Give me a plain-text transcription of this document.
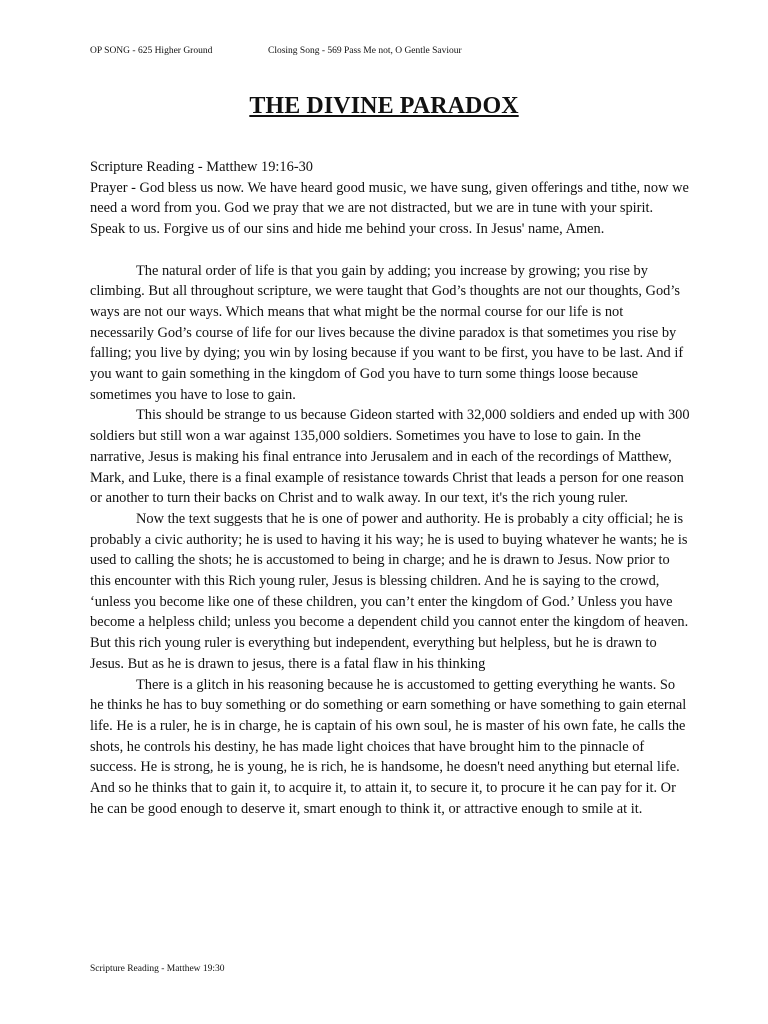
OP SONG - 625 Higher Ground	Closing Song - 569 Pass Me not, O Gentle Saviour
THE DIVINE PARADOX

Scripture Reading - Matthew 19:16-30

Prayer - God bless us now. We have heard good music, we have sung, given offerings and tithe, now we need a word from you. God we pray that we are not distracted, but we are in tune with your spirit. Speak to us. Forgive us of our sins and hide me behind your cross. In Jesus' name, Amen.

The natural order of life is that you gain by adding; you increase by growing; you rise by climbing. But all throughout scripture, we were taught that God’s thoughts are not our thoughts, God’s ways are not our ways. Which means that what might be the normal course for our life is not necessarily God’s course of life for our lives because the divine paradox is that sometimes you rise by falling; you live by dying; you win by losing because if you want to be first, you have to be last. And if you want to gain something in the kingdom of God you have to turn some things loose because sometimes you have to lose to gain.

This should be strange to us because Gideon started with 32,000 soldiers and ended up with 300 soldiers but still won a war against 135,000 soldiers. Sometimes you have to lose to gain. In the narrative, Jesus is making his final entrance into Jerusalem and in each of the recordings of Matthew, Mark, and Luke, there is a final example of resistance towards Christ that leads a person for one reason or another to turn their backs on Christ and to walk away. In our text, it's the rich young ruler.

Now the text suggests that he is one of power and authority. He is probably a city official; he is probably a civic authority; he is used to having it his way; he is used to buying whatever he wants; he is used to calling the shots; he is accustomed to being in charge; and he is drawn to Jesus. Now prior to this encounter with this Rich young ruler, Jesus is blessing children. And he is saying to the crowd, ‘unless you become like one of these children, you can’t enter the kingdom of God.’ Unless you have become a helpless child; unless you become a dependent child you cannot enter the kingdom of heaven. But this rich young ruler is everything but independent, everything but helpless, but he is drawn to Jesus. But as he is drawn to jesus, there is a fatal flaw in his thinking

There is a glitch in his reasoning because he is accustomed to getting everything he wants. So he thinks he has to buy something or do something or earn something or have something to gain eternal life. He is a ruler, he is in charge, he is captain of his own soul, he is master of his own fate, he calls the shots, he controls his destiny, he has made light choices that have brought him to the pinnacle of success. He is strong, he is young, he is rich, he is handsome, he doesn't need anything but eternal life. And so he thinks that to gain it, to acquire it, to attain it, to secure it, to procure it he can pay for it. Or he can be good enough to deserve it, smart enough to think it, or attractive enough to smile at it.

Scripture Reading - Matthew 19:30
